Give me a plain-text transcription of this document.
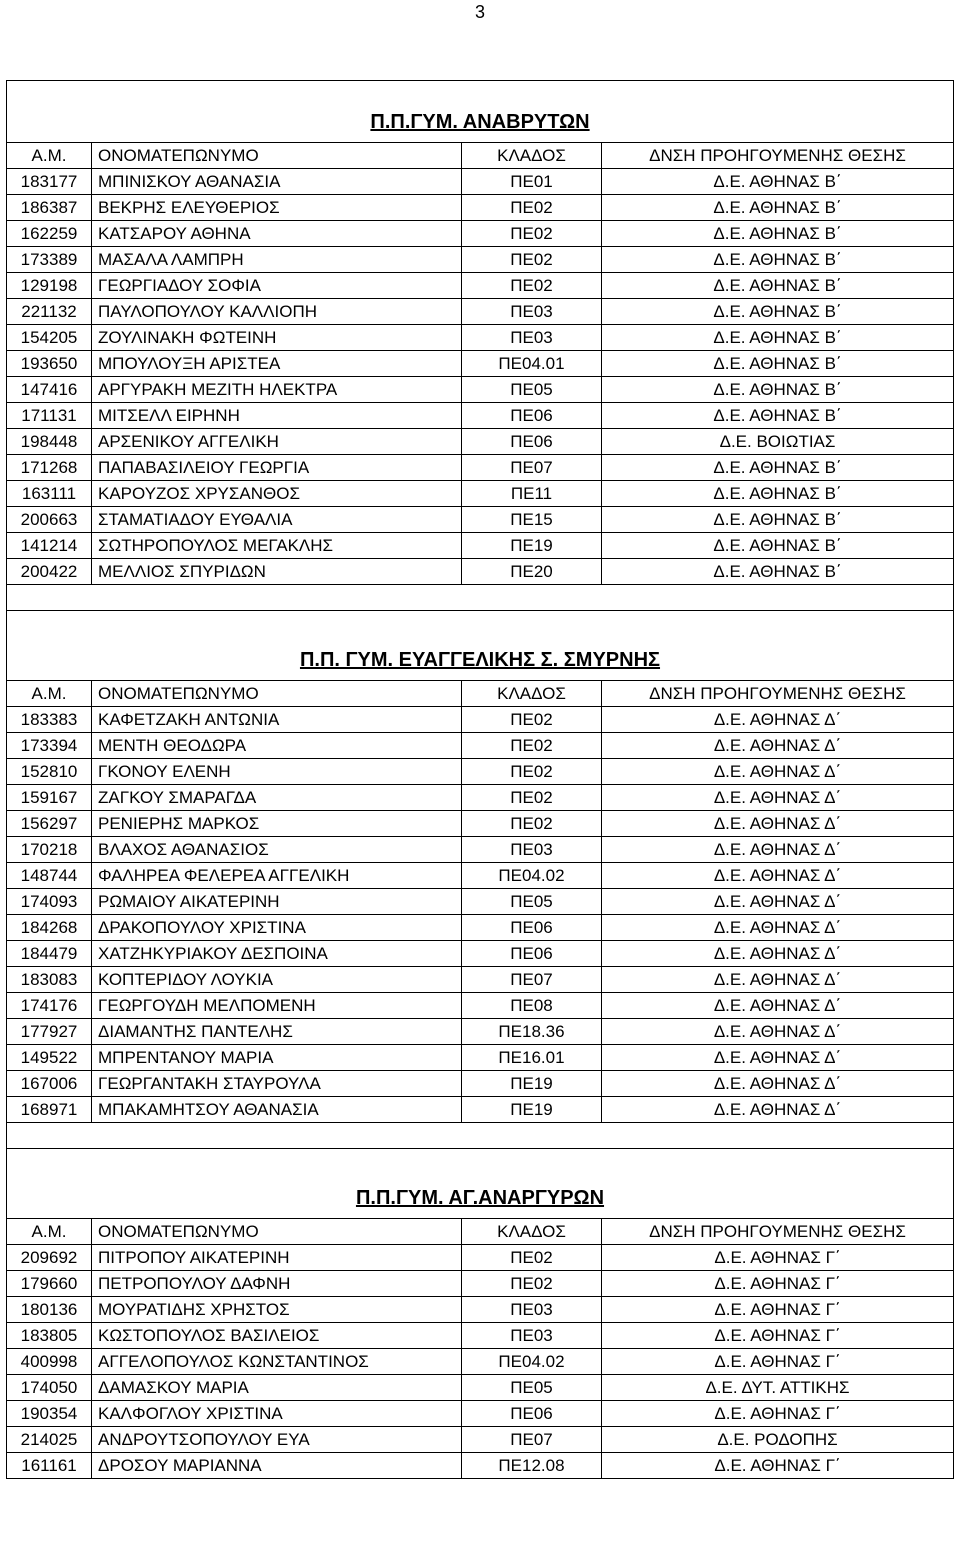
3
Π.Π.ΓΥΜ. ΑΝΑΒΡΥΤΩΝ			
Α.Μ.	ΟΝΟΜΑΤΕΠΩΝΥΜΟ	ΚΛΑΔΟΣ	ΔΝΣΗ ΠΡΟΗΓΟΥΜΕΝΗΣ ΘΕΣΗΣ
183177	ΜΠΙΝΙΣΚΟΥ ΑΘΑΝΑΣΙΑ	ΠΕ01	Δ.Ε. ΑΘΗΝΑΣ Β΄
186387	ΒΕΚΡΗΣ ΕΛΕΥΘΕΡΙΟΣ	ΠΕ02	Δ.Ε. ΑΘΗΝΑΣ Β΄
162259	ΚΑΤΣΑΡΟΥ ΑΘΗΝΑ	ΠΕ02	Δ.Ε. ΑΘΗΝΑΣ Β΄
173389	ΜΑΣΑΛΑ ΛΑΜΠΡΗ	ΠΕ02	Δ.Ε. ΑΘΗΝΑΣ Β΄
129198	ΓΕΩΡΓΙΑΔΟΥ ΣΟΦΙΑ	ΠΕ02	Δ.Ε. ΑΘΗΝΑΣ Β΄
221132	ΠΑΥΛΟΠΟΥΛΟΥ ΚΑΛΛΙΟΠΗ	ΠΕ03	Δ.Ε. ΑΘΗΝΑΣ Β΄
154205	ΖΟΥΛΙΝΑΚΗ ΦΩΤΕΙΝΗ	ΠΕ03	Δ.Ε. ΑΘΗΝΑΣ Β΄
193650	ΜΠΟΥΛΟΥΞΗ ΑΡΙΣΤΕΑ	ΠΕ04.01	Δ.Ε. ΑΘΗΝΑΣ Β΄
147416	ΑΡΓΥΡΑΚΗ ΜΕΖΙΤΗ ΗΛΕΚΤΡΑ	ΠΕ05	Δ.Ε. ΑΘΗΝΑΣ Β΄
171131	ΜΙΤΣΕΛΛ ΕΙΡΗΝΗ	ΠΕ06	Δ.Ε. ΑΘΗΝΑΣ Β΄
198448	ΑΡΣΕΝΙΚΟΥ ΑΓΓΕΛΙΚΗ	ΠΕ06	Δ.Ε. ΒΟΙΩΤΙΑΣ
171268	ΠΑΠΑΒΑΣΙΛΕΙΟΥ ΓΕΩΡΓΙΑ	ΠΕ07	Δ.Ε. ΑΘΗΝΑΣ Β΄
163111	ΚΑΡΟΥΖΟΣ ΧΡΥΣΑΝΘΟΣ	ΠΕ11	Δ.Ε. ΑΘΗΝΑΣ Β΄
200663	ΣΤΑΜΑΤΙΑΔΟΥ ΕΥΘΑΛΙΑ	ΠΕ15	Δ.Ε. ΑΘΗΝΑΣ Β΄
141214	ΣΩΤΗΡΟΠΟΥΛΟΣ ΜΕΓΑΚΛΗΣ	ΠΕ19	Δ.Ε. ΑΘΗΝΑΣ Β΄
200422	ΜΕΛΛΙΟΣ ΣΠΥΡΙΔΩΝ	ΠΕ20	Δ.Ε. ΑΘΗΝΑΣ Β΄

Π.Π. ΓΥΜ. ΕΥΑΓΓΕΛΙΚΗΣ Σ. ΣΜΥΡΝΗΣ			
Α.Μ.	ΟΝΟΜΑΤΕΠΩΝΥΜΟ	ΚΛΑΔΟΣ	ΔΝΣΗ ΠΡΟΗΓΟΥΜΕΝΗΣ ΘΕΣΗΣ
183383	ΚΑΦΕΤΖΑΚΗ ΑΝΤΩΝΙΑ	ΠΕ02	Δ.Ε. ΑΘΗΝΑΣ Δ΄
173394	ΜΕΝΤΗ ΘΕΟΔΩΡΑ	ΠΕ02	Δ.Ε. ΑΘΗΝΑΣ Δ΄
152810	ΓΚΟΝΟΥ ΕΛΕΝΗ	ΠΕ02	Δ.Ε. ΑΘΗΝΑΣ Δ΄
159167	ΖΑΓΚΟΥ ΣΜΑΡΑΓΔΑ	ΠΕ02	Δ.Ε. ΑΘΗΝΑΣ Δ΄
156297	ΡΕΝΙΕΡΗΣ ΜΑΡΚΟΣ	ΠΕ02	Δ.Ε. ΑΘΗΝΑΣ Δ΄
170218	ΒΛΑΧΟΣ ΑΘΑΝΑΣΙΟΣ	ΠΕ03	Δ.Ε. ΑΘΗΝΑΣ Δ΄
148744	ΦΑΛΗΡΕΑ ΦΕΛΕΡΕΑ ΑΓΓΕΛΙΚΗ	ΠΕ04.02	Δ.Ε. ΑΘΗΝΑΣ Δ΄
174093	ΡΩΜΑΙΟΥ ΑΙΚΑΤΕΡΙΝΗ	ΠΕ05	Δ.Ε. ΑΘΗΝΑΣ Δ΄
184268	ΔΡΑΚΟΠΟΥΛΟΥ ΧΡΙΣΤΙΝΑ	ΠΕ06	Δ.Ε. ΑΘΗΝΑΣ Δ΄
184479	ΧΑΤΖΗΚΥΡΙΑΚΟΥ ΔΕΣΠΟΙΝΑ	ΠΕ06	Δ.Ε. ΑΘΗΝΑΣ Δ΄
183083	ΚΟΠΤΕΡΙΔΟΥ ΛΟΥΚΙΑ	ΠΕ07	Δ.Ε. ΑΘΗΝΑΣ Δ΄
174176	ΓΕΩΡΓΟΥΔΗ ΜΕΛΠΟΜΕΝΗ	ΠΕ08	Δ.Ε. ΑΘΗΝΑΣ Δ΄
177927	ΔΙΑΜΑΝΤΗΣ ΠΑΝΤΕΛΗΣ	ΠΕ18.36	Δ.Ε. ΑΘΗΝΑΣ Δ΄
149522	ΜΠΡΕΝΤΑΝΟΥ ΜΑΡΙΑ	ΠΕ16.01	Δ.Ε. ΑΘΗΝΑΣ Δ΄
167006	ΓΕΩΡΓΑΝΤΑΚΗ ΣΤΑΥΡΟΥΛΑ	ΠΕ19	Δ.Ε. ΑΘΗΝΑΣ Δ΄
168971	ΜΠΑΚΑΜΗΤΣΟΥ ΑΘΑΝΑΣΙΑ	ΠΕ19	Δ.Ε. ΑΘΗΝΑΣ Δ΄

Π.Π.ΓΥΜ. ΑΓ.ΑΝΑΡΓΥΡΩΝ			
Α.Μ.	ΟΝΟΜΑΤΕΠΩΝΥΜΟ	ΚΛΑΔΟΣ	ΔΝΣΗ ΠΡΟΗΓΟΥΜΕΝΗΣ ΘΕΣΗΣ
209692	ΠΙΤΡΟΠΟΥ ΑΙΚΑΤΕΡΙΝΗ	ΠΕ02	Δ.Ε. ΑΘΗΝΑΣ Γ΄
179660	ΠΕΤΡΟΠΟΥΛΟΥ ΔΑΦΝΗ	ΠΕ02	Δ.Ε. ΑΘΗΝΑΣ Γ΄
180136	ΜΟΥΡΑΤΙΔΗΣ ΧΡΗΣΤΟΣ	ΠΕ03	Δ.Ε. ΑΘΗΝΑΣ Γ΄
183805	ΚΩΣΤΟΠΟΥΛΟΣ ΒΑΣΙΛΕΙΟΣ	ΠΕ03	Δ.Ε. ΑΘΗΝΑΣ Γ΄
400998	ΑΓΓΕΛΟΠΟΥΛΟΣ ΚΩΝΣΤΑΝΤΙΝΟΣ	ΠΕ04.02	Δ.Ε. ΑΘΗΝΑΣ Γ΄
174050	ΔΑΜΑΣΚΟΥ ΜΑΡΙΑ	ΠΕ05	Δ.Ε. ΔΥΤ. ΑΤΤΙΚΗΣ
190354	ΚΑΛΦΟΓΛΟΥ ΧΡΙΣΤΙΝΑ	ΠΕ06	Δ.Ε. ΑΘΗΝΑΣ Γ΄
214025	ΑΝΔΡΟΥΤΣΟΠΟΥΛΟΥ ΕΥΑ	ΠΕ07	Δ.Ε. ΡΟΔΟΠΗΣ
161161	ΔΡΟΣΟΥ ΜΑΡΙΑΝΝΑ	ΠΕ12.08	Δ.Ε. ΑΘΗΝΑΣ Γ΄
